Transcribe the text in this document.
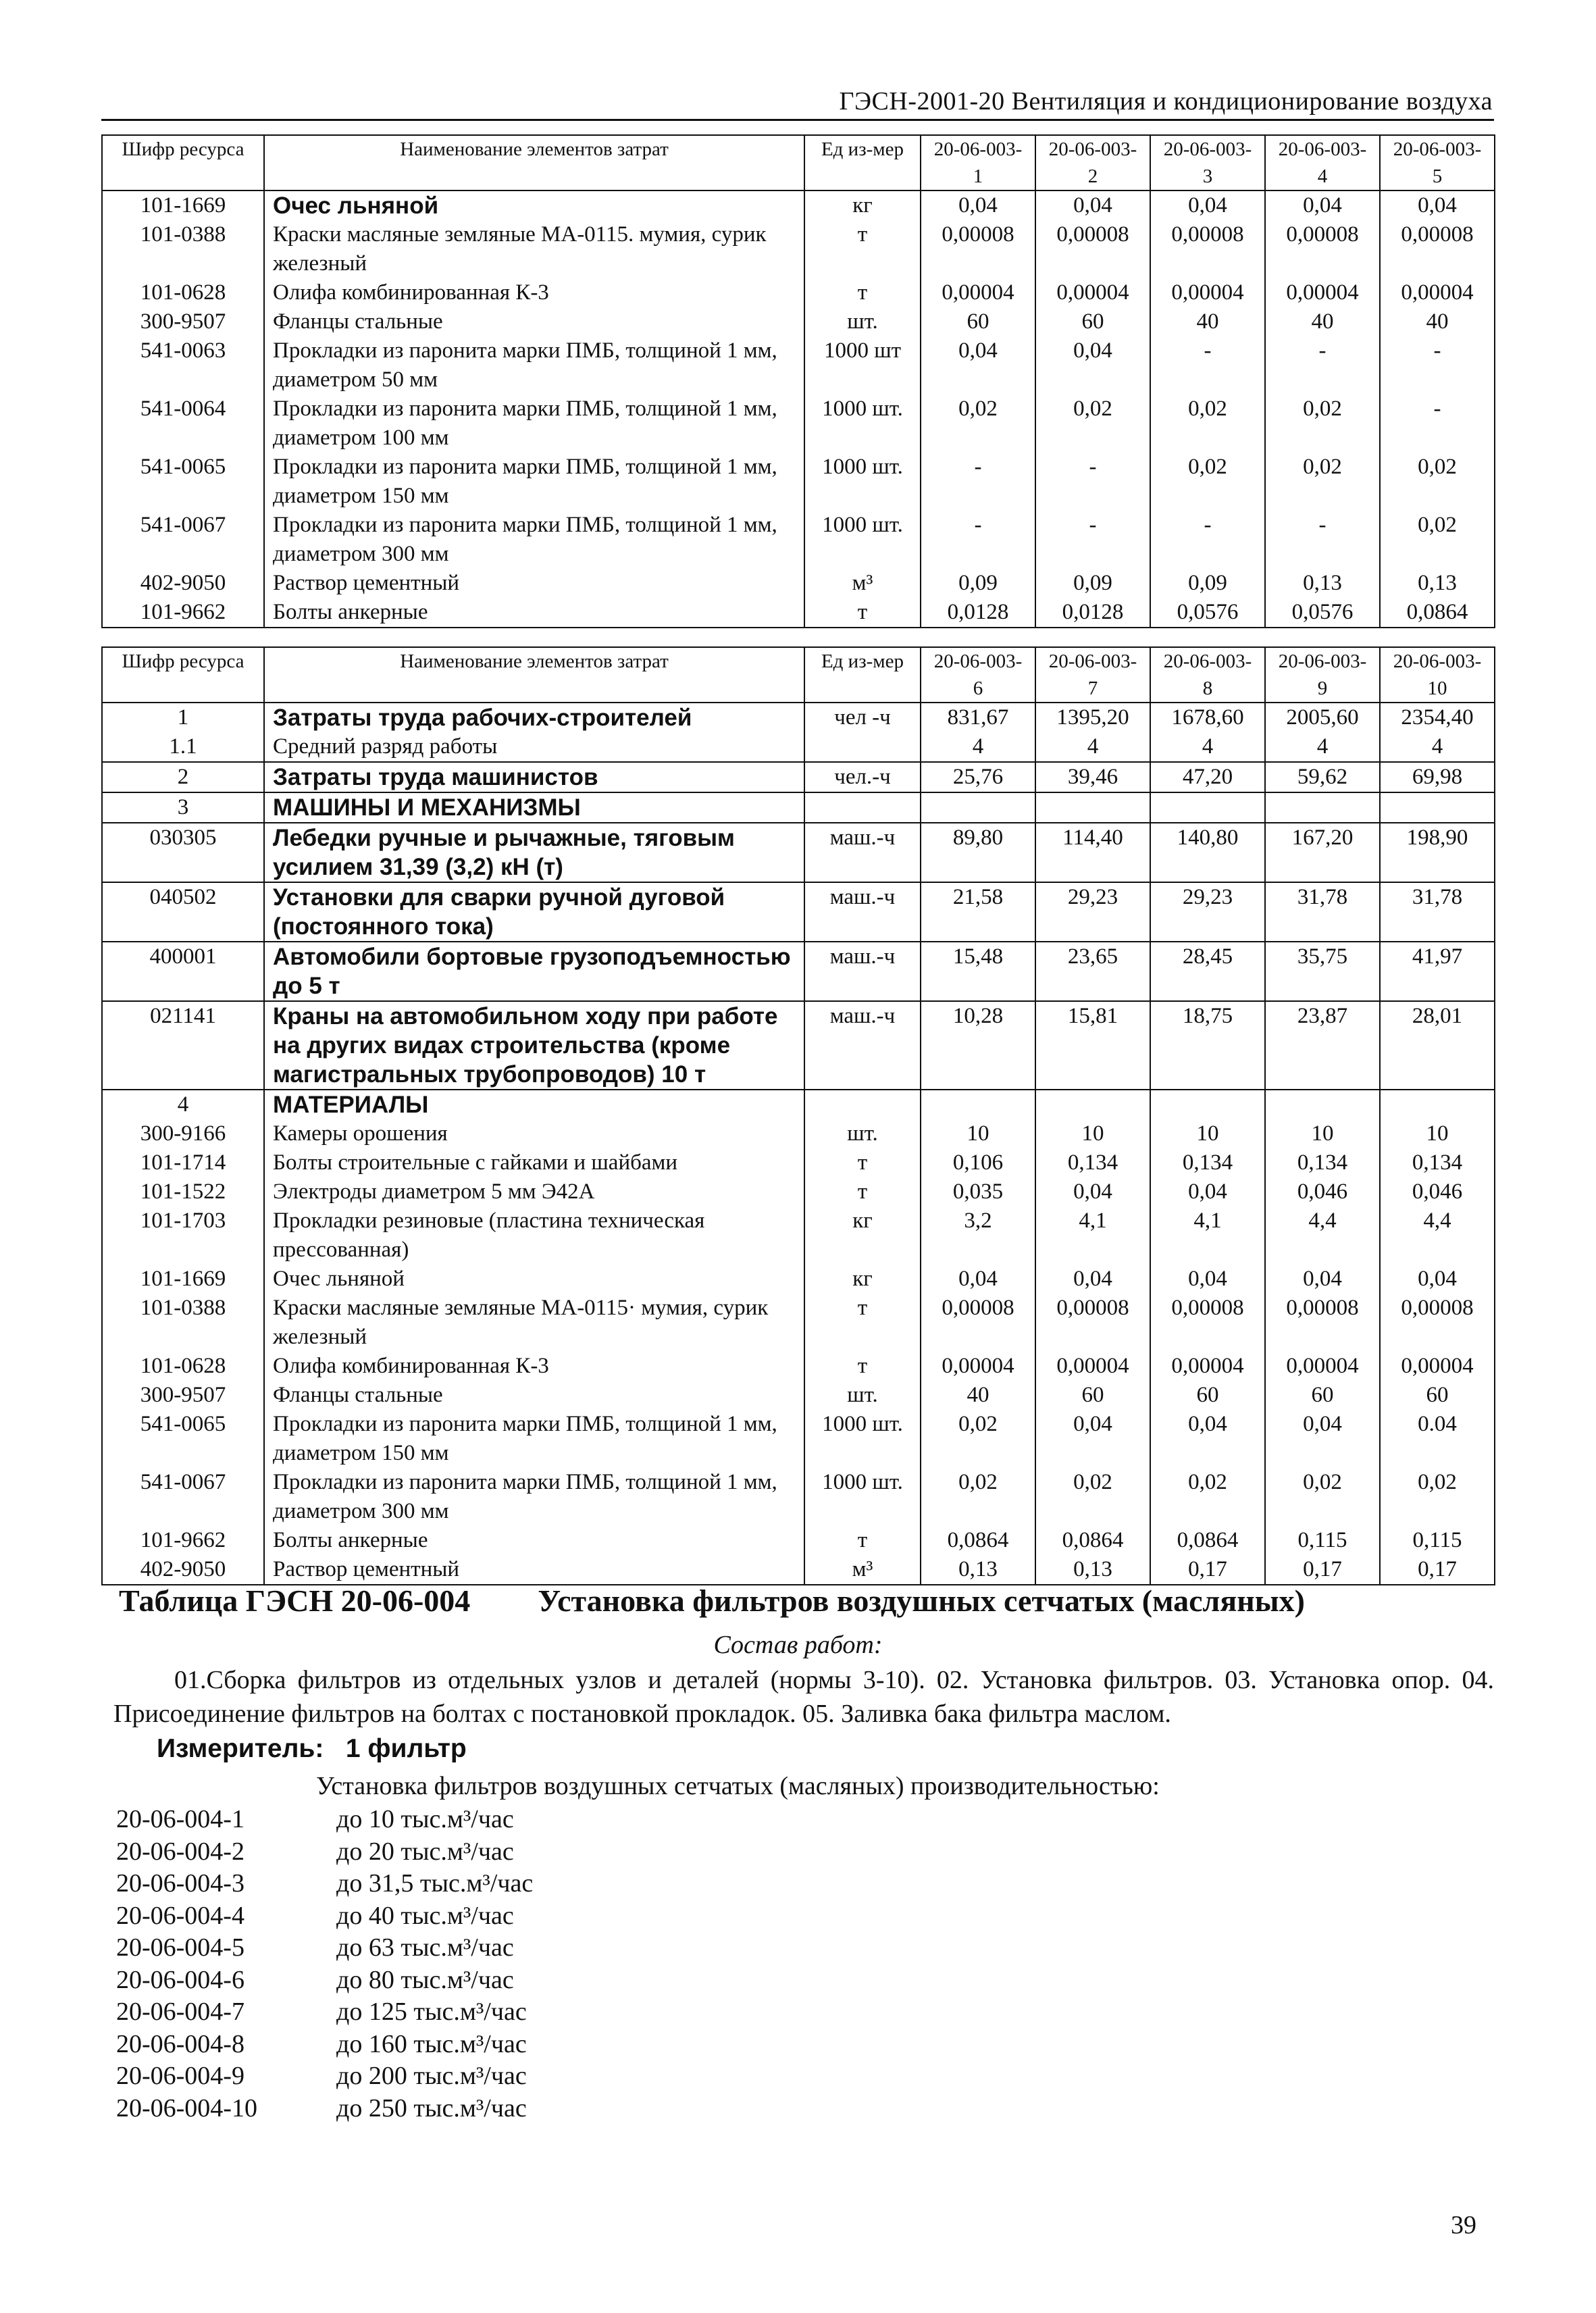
ГЭСН-2001-20 Вентиляция и кондиционирование воздуха
Шифр ресурса	Наименование элементов затрат	Ед из-мер	20-06-003-1	20-06-003-2	20-06-003-3	20-06-003-4	20-06-003-5
101-1669	Очес льняной	кг	0,04	0,04	0,04	0,04	0,04
101-0388	Краски масляные земляные МА-0115. мумия, сурик железный	т	0,00008	0,00008	0,00008	0,00008	0,00008
101-0628	Олифа комбинированная К-3	т	0,00004	0,00004	0,00004	0,00004	0,00004
300-9507	Фланцы стальные	шт.	60	60	40	40	40
541-0063	Прокладки из паронита марки ПМБ, толщиной 1 мм, диаметром 50 мм	1000 шт	0,04	0,04	-	-	-
541-0064	Прокладки из паронита марки ПМБ, толщиной 1 мм, диаметром 100 мм	1000 шт.	0,02	0,02	0,02	0,02	-
541-0065	Прокладки из паронита марки ПМБ, толщиной 1 мм, диаметром 150 мм	1000 шт.	-	-	0,02	0,02	0,02
541-0067	Прокладки из паронита марки ПМБ, толщиной 1 мм, диаметром 300 мм	1000 шт.	-	-	-	-	0,02
402-9050	Раствор цементный	м³	0,09	0,09	0,09	0,13	0,13
101-9662	Болты анкерные	т	0,0128	0,0128	0,0576	0,0576	0,0864
Шифр ресурса	Наименование элементов затрат	Ед из-мер	20-06-003-6	20-06-003-7	20-06-003-8	20-06-003-9	20-06-003-10
1	Затраты труда рабочих-строителей	чел -ч	831,67	1395,20	1678,60	2005,60	2354,40
1.1	Средний разряд работы		4	4	4	4	4
2	Затраты труда машинистов	чел.-ч	25,76	39,46	47,20	59,62	69,98
3	МАШИНЫ И МЕХАНИЗМЫ						
030305	Лебедки ручные и рычажные, тяговым усилием 31,39 (3,2) кН (т)	маш.-ч	89,80	114,40	140,80	167,20	198,90
040502	Установки для сварки ручной дуговой (постоянного тока)	маш.-ч	21,58	29,23	29,23	31,78	31,78
400001	Автомобили бортовые грузоподъемностью до 5 т	маш.-ч	15,48	23,65	28,45	35,75	41,97
021141	Краны на автомобильном ходу при работе на других видах строительства (кроме магистральных трубопроводов) 10 т	маш.-ч	10,28	15,81	18,75	23,87	28,01
4	МАТЕРИАЛЫ						
300-9166	Камеры орошения	шт.	10	10	10	10	10
101-1714	Болты строительные с гайками и шайбами	т	0,106	0,134	0,134	0,134	0,134
101-1522	Электроды диаметром 5 мм Э42А	т	0,035	0,04	0,04	0,046	0,046
101-1703	Прокладки резиновые (пластина техническая прессованная)	кг	3,2	4,1	4,1	4,4	4,4
101-1669	Очес льняной	кг	0,04	0,04	0,04	0,04	0,04
101-0388	Краски масляные земляные МА-0115· мумия, сурик железный	т	0,00008	0,00008	0,00008	0,00008	0,00008
101-0628	Олифа комбинированная К-3	т	0,00004	0,00004	0,00004	0,00004	0,00004
300-9507	Фланцы стальные	шт.	40	60	60	60	60
541-0065	Прокладки из паронита марки ПМБ, толщиной 1 мм, диаметром 150 мм	1000 шт.	0,02	0,04	0,04	0,04	0.04
541-0067	Прокладки из паронита марки ПМБ, толщиной 1 мм, диаметром 300 мм	1000 шт.	0,02	0,02	0,02	0,02	0,02
101-9662	Болты анкерные	т	0,0864	0,0864	0,0864	0,115	0,115
402-9050	Раствор цементный	м³	0,13	0,13	0,17	0,17	0,17
Таблица ГЭСН 20-06-004 Установка фильтров воздушных сетчатых (масляных)
Состав работ:
01.Сборка фильтров из отдельных узлов и деталей (нормы 3-10). 02. Установка фильтров. 03. Установка опор. 04. Присоединение фильтров на болтах с постановкой прокладок. 05. Заливка бака фильтра маслом.
Измеритель:   1 фильтр
Установка фильтров воздушных сетчатых (масляных) производительностью:
20-06-004-1	до 10 тыс.м³/час
20-06-004-2	до 20 тыс.м³/час
20-06-004-3	до 31,5 тыс.м³/час
20-06-004-4	до 40 тыс.м³/час
20-06-004-5	до 63 тыс.м³/час
20-06-004-6	до 80 тыс.м³/час
20-06-004-7	до 125 тыс.м³/час
20-06-004-8	до 160 тыс.м³/час
20-06-004-9	до 200 тыс.м³/час
20-06-004-10	до 250 тыс.м³/час
39
